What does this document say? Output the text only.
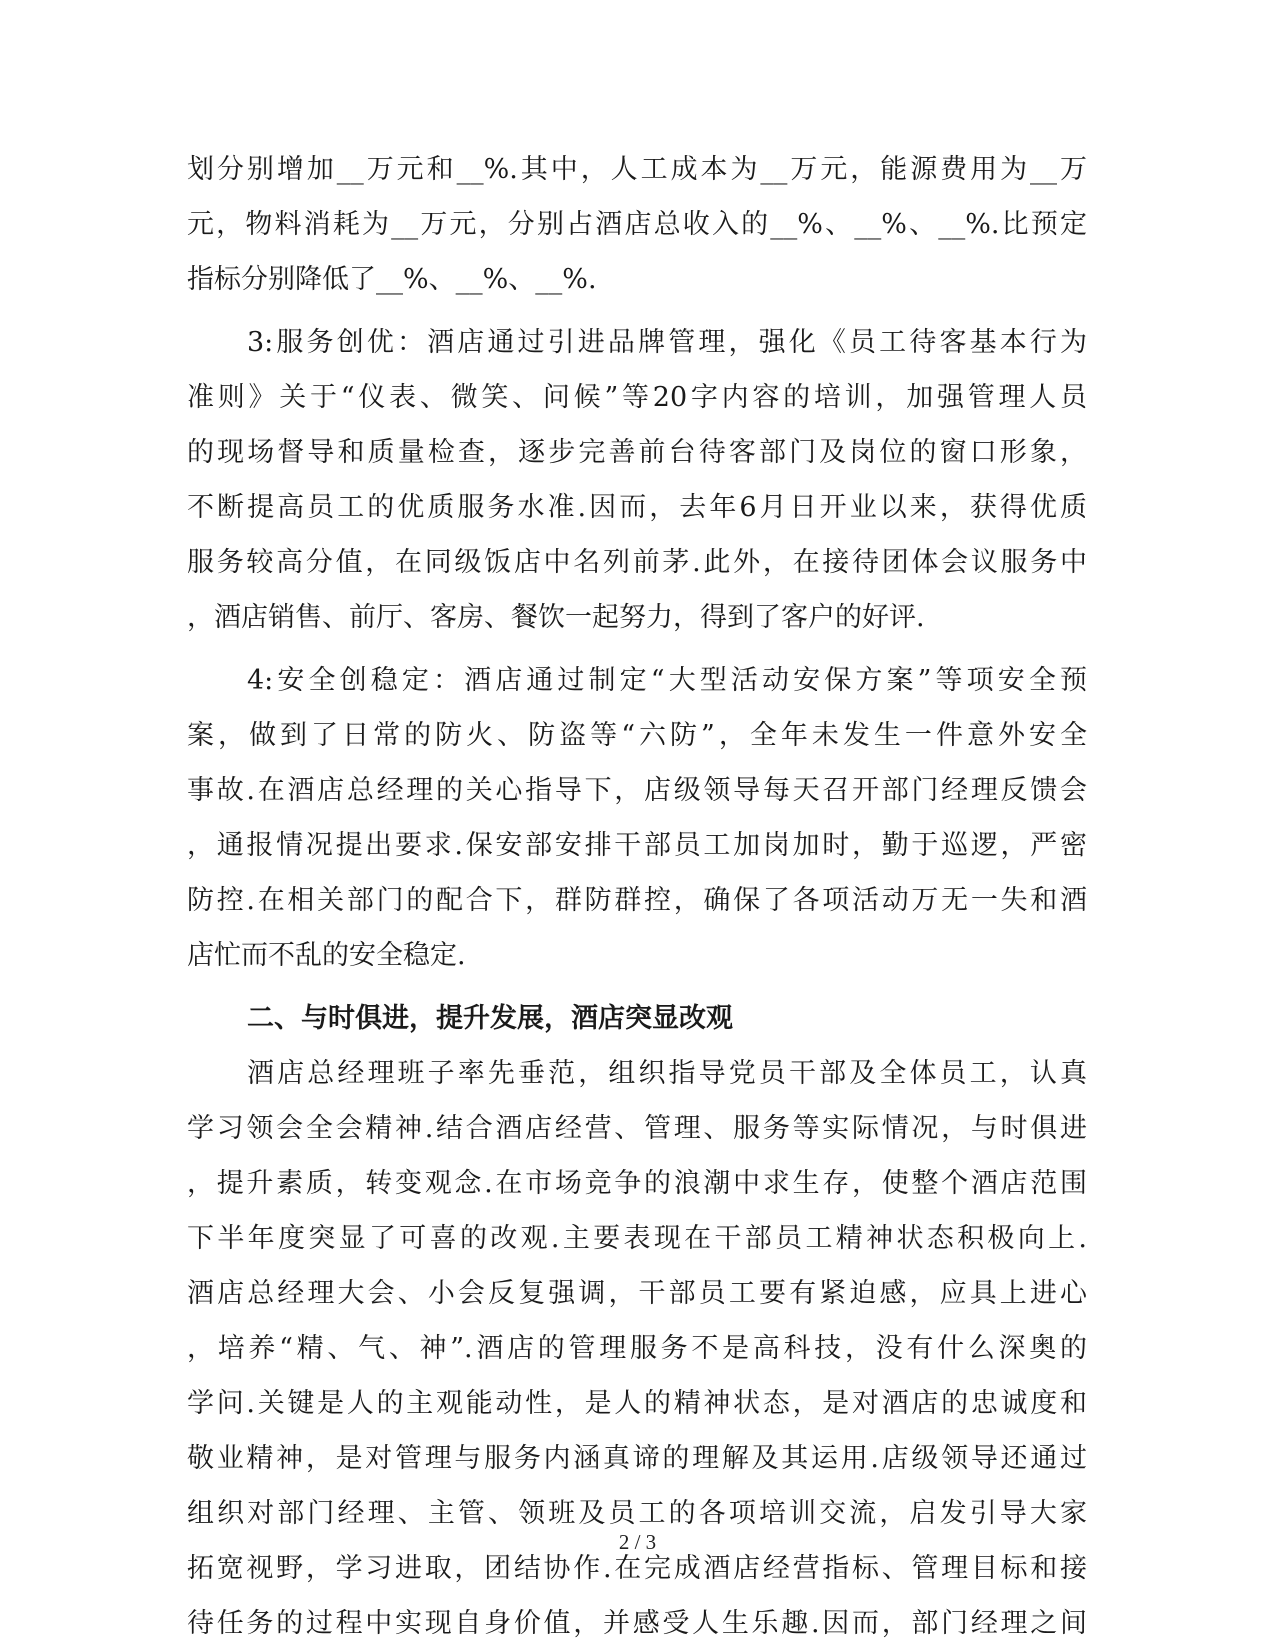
划分别增加__万元和__%.其中，人工成本为__万元，能源费用为__万
元，物料消耗为__万元，分别占酒店总收入的__%、__%、__%.比预定
指标分别降低了__%、__%、__%.
3:服务创优：酒店通过引进品牌管理，强化《员工待客基本行为
准则》关于“仪表、微笑、问候”等20字内容的培训，加强管理人员
的现场督导和质量检查，逐步完善前台待客部门及岗位的窗口形象，
不断提高员工的优质服务水准.因而，去年6月日开业以来，获得优质
服务较高分值，在同级饭店中名列前茅.此外，在接待团体会议服务中
，酒店销售、前厅、客房、餐饮一起努力，得到了客户的好评.
4:安全创稳定：酒店通过制定“大型活动安保方案”等项安全预
案，做到了日常的防火、防盗等“六防”，全年未发生一件意外安全
事故.在酒店总经理的关心指导下，店级领导每天召开部门经理反馈会
，通报情况提出要求.保安部安排干部员工加岗加时，勤于巡逻，严密
防控.在相关部门的配合下，群防群控，确保了各项活动万无一失和酒
店忙而不乱的安全稳定.
二、与时俱进，提升发展，酒店突显改观
酒店总经理班子率先垂范，组织指导党员干部及全体员工，认真
学习领会全会精神.结合酒店经营、管理、服务等实际情况，与时俱进
，提升素质，转变观念.在市场竞争的浪潮中求生存，使整个酒店范围
下半年度突显了可喜的改观.主要表现在干部员工精神状态积极向上.
酒店总经理大会、小会反复强调，干部员工要有紧迫感，应具上进心
，培养“精、气、神”.酒店的管理服务不是高科技，没有什么深奥的
学问.关键是人的主观能动性，是人的精神状态，是对酒店的忠诚度和
敬业精神，是对管理与服务内涵真谛的理解及其运用.店级领导还通过
组织对部门经理、主管、领班及员工的各项培训交流，启发引导大家
拓宽视野，学习进取，团结协作.在完成酒店经营指标、管理目标和接
待任务的过程中实现自身价值，并感受人生乐趣.因而，部门经理之间
2 / 3
